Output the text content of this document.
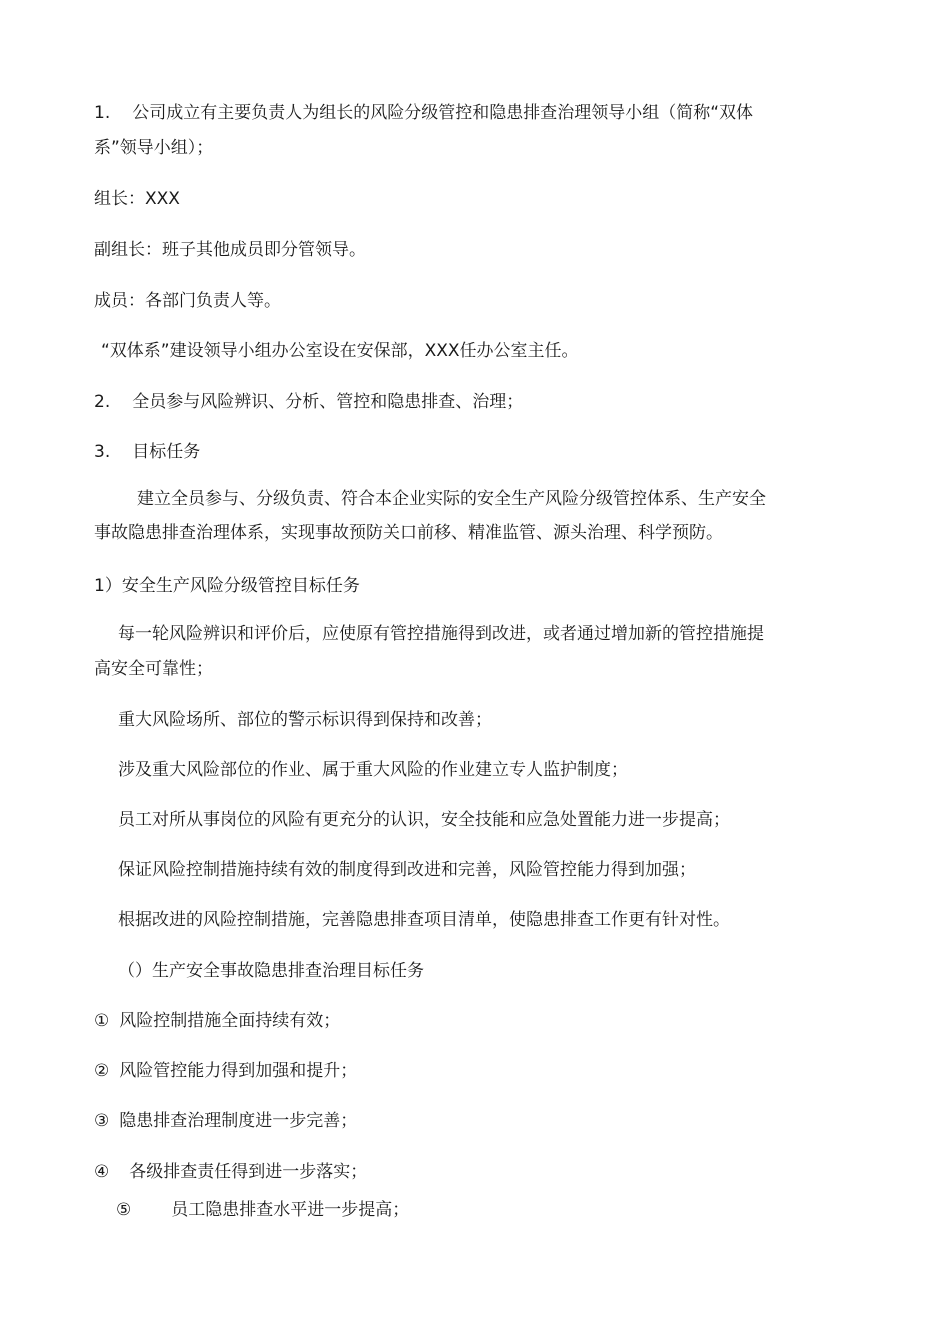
1. 公司成立有主要负责人为组长的风险分级管控和隐患排查治理领导小组（简称“双体
系”领导小组）；
组长：XXX
副组长：班子其他成员即分管领导。
成员：各部门负责人等。
“双体系”建设领导小组办公室设在安保部，XXX任办公室主任。
2. 全员参与风险辨识、分析、管控和隐患排查、治理；
3. 目标任务
建立全员参与、分级负责、符合本企业实际的安全生产风险分级管控体系、生产安全
事故隐患排查治理体系，实现事故预防关口前移、精准监管、源头治理、科学预防。
1）安全生产风险分级管控目标任务
每一轮风险辨识和评价后，应使原有管控措施得到改进，或者通过增加新的管控措施提
高安全可靠性；
重大风险场所、部位的警示标识得到保持和改善；
涉及重大风险部位的作业、属于重大风险的作业建立专人监护制度；
员工对所从事岗位的风险有更充分的认识，安全技能和应急处置能力进一步提高；
保证风险控制措施持续有效的制度得到改进和完善，风险管控能力得到加强；
根据改进的风险控制措施，完善隐患排查项目清单，使隐患排查工作更有针对性。
（）生产安全事故隐患排查治理目标任务
① 风险控制措施全面持续有效；
② 风险管控能力得到加强和提升；
③ 隐患排查治理制度进一步完善；
④ 各级排查责任得到进一步落实；
⑤ 员工隐患排查水平进一步提高；
